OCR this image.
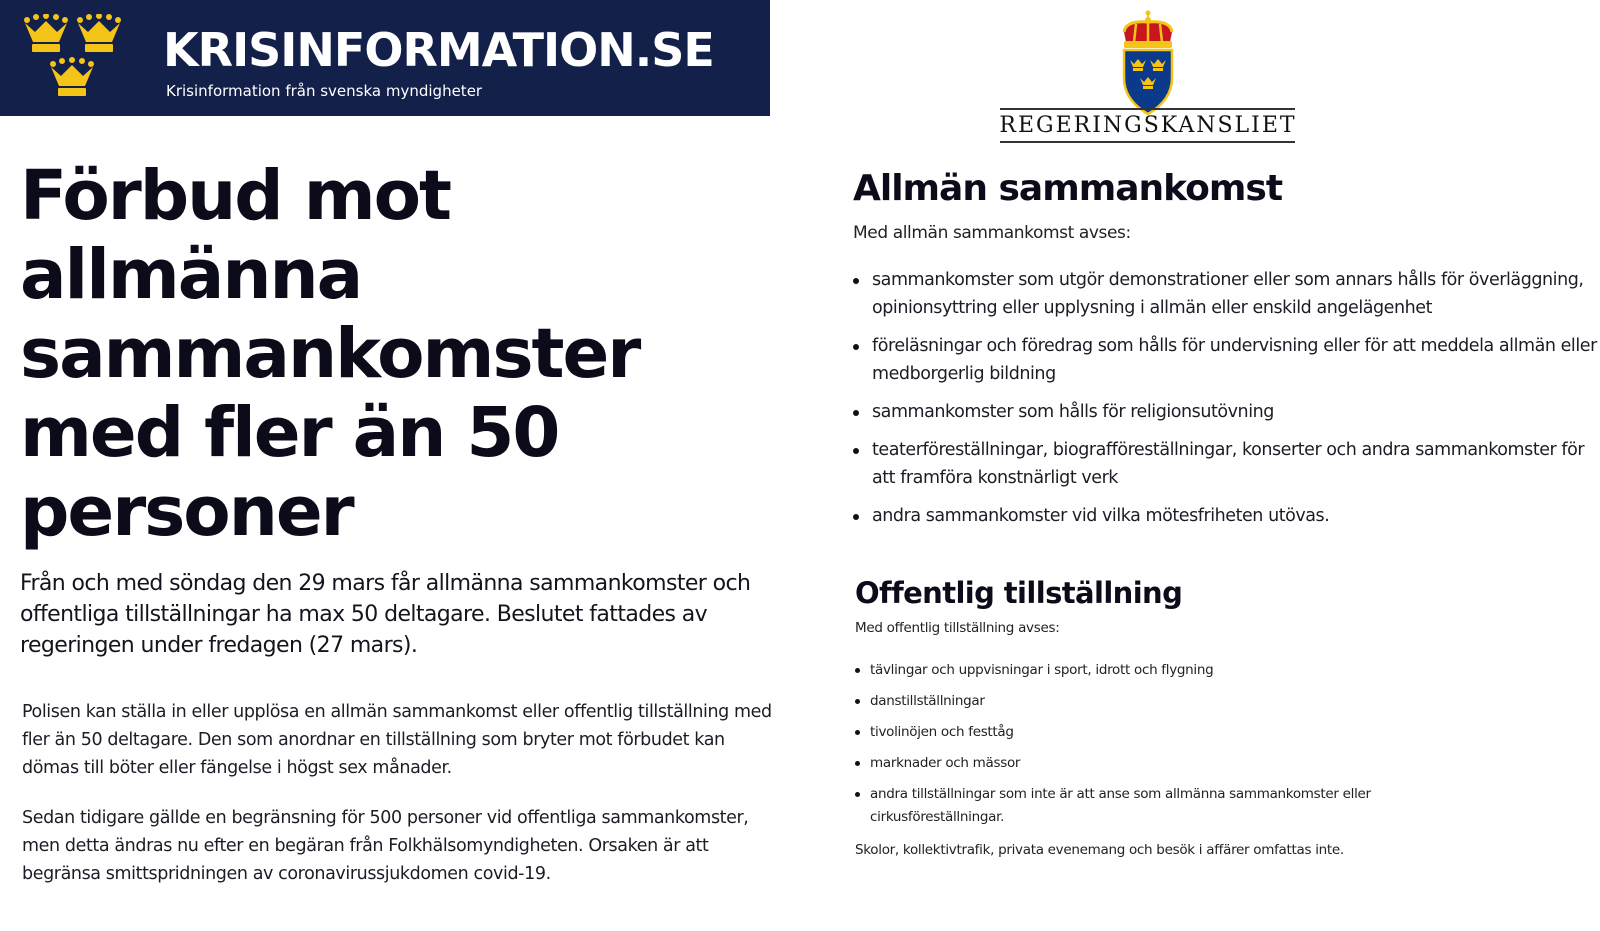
KRISINFORMATION.SE
Krisinformation från svenska myndigheter
Förbud mot allmänna sammankomster med fler än 50 personer

Från och med söndag den 29 mars får allmänna sammankomster och offentliga tillställningar ha max 50 deltagare. Beslutet fattades av regeringen under fredagen (27 mars).

Polisen kan ställa in eller upplösa en allmän sammankomst eller offentlig tillställning med fler än 50 deltagare. Den som anordnar en tillställning som bryter mot förbudet kan dömas till böter eller fängelse i högst sex månader.

Sedan tidigare gällde en begränsning för 500 personer vid offentliga sammankomster, men detta ändras nu efter en begäran från Folkhälsomyndigheten. Orsaken är att begränsa smittspridningen av coronavirussjukdomen covid-19.

REGERINGSKANSLIET
Allmän sammankomst

Med allmän sammankomst avses:

sammankomster som utgör demonstrationer eller som annars hålls för överläggning, opinionsyttring eller upplysning i allmän eller enskild angelägenhet
föreläsningar och föredrag som hålls för undervisning eller för att meddela allmän eller medborgerlig bildning
sammankomster som hålls för religionsutövning
teaterföreställningar, biografföreställningar, konserter och andra sammankomster för att framföra konstnärligt verk
andra sammankomster vid vilka mötesfriheten utövas.
Offentlig tillställning

Med offentlig tillställning avses:

tävlingar och uppvisningar i sport, idrott och flygning
danstillställningar
tivolinöjen och festtåg
marknader och mässor
andra tillställningar som inte är att anse som allmänna sammankomster eller cirkusföreställningar.

Skolor, kollektivtrafik, privata evenemang och besök i affärer omfattas inte.
